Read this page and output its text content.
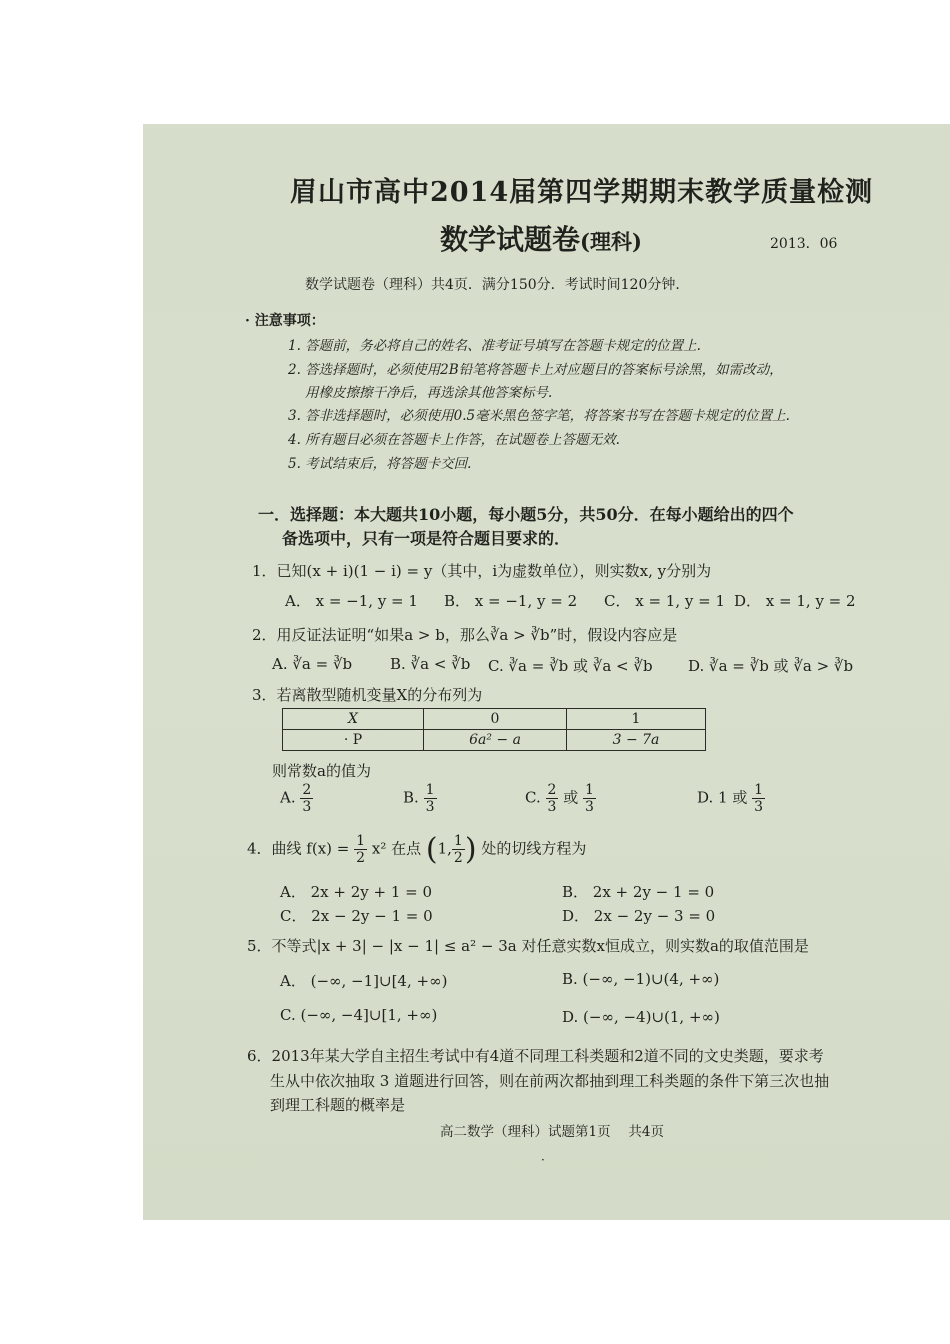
眉山市高中2014届第四学期期末教学质量检测
数学试题卷(理科)	2013．06
数学试题卷（理科）共4页．满分150分．考试时间120分钟．
· 注意事项：
1. 答题前，务必将自己的姓名、准考证号填写在答题卡规定的位置上.
2. 答选择题时，必须使用2B铅笔将答题卡上对应题目的答案标号涂黑，如需改动，
用橡皮擦擦干净后，再选涂其他答案标号.
3. 答非选择题时，必须使用0.5毫米黑色签字笔，将答案书写在答题卡规定的位置上.
4. 所有题目必须在答题卡上作答，在试题卷上答题无效.
5. 考试结束后，将答题卡交回.
一．选择题：本大题共10小题，每小题5分，共50分．在每小题给出的四个
备选项中，只有一项是符合题目要求的．
1．已知(x + i)(1 − i) = y（其中，i为虚数单位），则实数x, y分别为
A． x = −1, y = 1 B． x = −1, y = 2 C． x = 1, y = 1 D． x = 1, y = 2
2．用反证法证明“如果a > b，那么∛a > ∛b”时，假设内容应是
A. ∛a = ∛b	B. ∛a < ∛b C. ∛a = ∛b 或 ∛a < ∛b D. ∛a = ∛b 或 ∛a > ∛b
3．若离散型随机变量X的分布列为
X	0	1
· P	6a² − a	3 − 7a
则常数a的值为
A. $\frac{2}{3}$	B. $\frac{1}{3}$	C. $\frac{2}{3}$ 或 $\frac{1}{3}$	D. 1 或 $\frac{1}{3}$
4．曲线 $f(x) = \frac{1}{2} x^2$ 在点 (1, $\frac{1}{2}$ ) 处的切线方程为
A． 2x + 2y + 1 = 0	B． 2x + 2y − 1 = 0
C． 2x − 2y − 1 = 0	D． 2x − 2y − 3 = 0
5．不等式|x + 3| − |x − 1| ≤ a² − 3a 对任意实数x恒成立，则实数a的取值范围是
A． (−∞, −1]∪[4, +∞)	B. (−∞, −1)∪(4, +∞)
C. (−∞, −4]∪[1, +∞)	D. (−∞, −4)∪(1, +∞)
6．2013年某大学自主招生考试中有4道不同理工科类题和2道不同的文史类题，要求考
生从中依次抽取 3 道题进行回答，则在前两次都抽到理工科类题的条件下第三次也抽
到理工科题的概率是
高二数学（理科）试题第1页　 共4页
·
